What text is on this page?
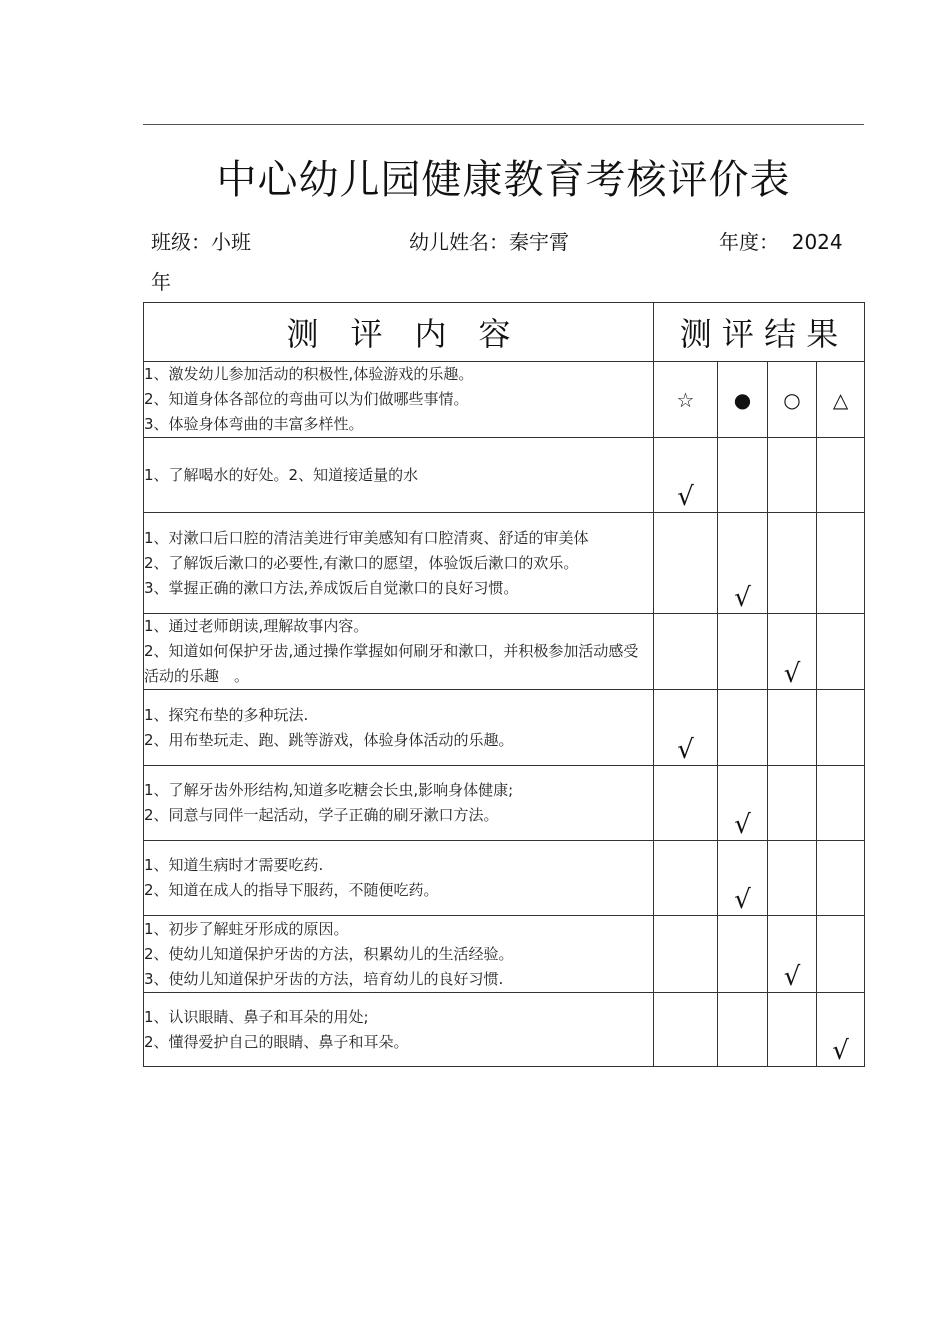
中心幼儿园健康教育考核评价表
班级：小班	幼儿姓名：秦宇霄	年度： 2024
年
测　评　内　容	测 评 结 果			

1、激发幼儿参加活动的积极性,体验游戏的乐趣。
2、知道身体各部位的弯曲可以为们做哪些事情。
3、体验身体弯曲的丰富多样性。	☆	●	○	△

1、了解喝水的好处。2、知道接适量的水	√			

1、对漱口后口腔的清洁美进行审美感知有口腔清爽、舒适的审美体
2、了解饭后漱口的必要性,有漱口的愿望，体验饭后漱口的欢乐。
3、掌握正确的漱口方法,养成饭后自觉漱口的良好习惯。		√		

1、通过老师朗读,理解故事内容。
2、知道如何保护牙齿,通过操作掌握如何刷牙和漱口，并积极参加活动感受活动的乐趣　。			√	

1、探究布垫的多种玩法.
2、用布垫玩走、跑、跳等游戏，体验身体活动的乐趣。	√			

1、了解牙齿外形结构,知道多吃糖会长虫,影响身体健康;
2、同意与同伴一起活动，学子正确的刷牙漱口方法。		√		

1、知道生病时才需要吃药.
2、知道在成人的指导下服药，不随便吃药。		√		

1、初步了解蛀牙形成的原因。
2、使幼儿知道保护牙齿的方法，积累幼儿的生活经验。
3、使幼儿知道保护牙齿的方法，培育幼儿的良好习惯.			√	

1、认识眼睛、鼻子和耳朵的用处;
2、懂得爱护自己的眼睛、鼻子和耳朵。				√
